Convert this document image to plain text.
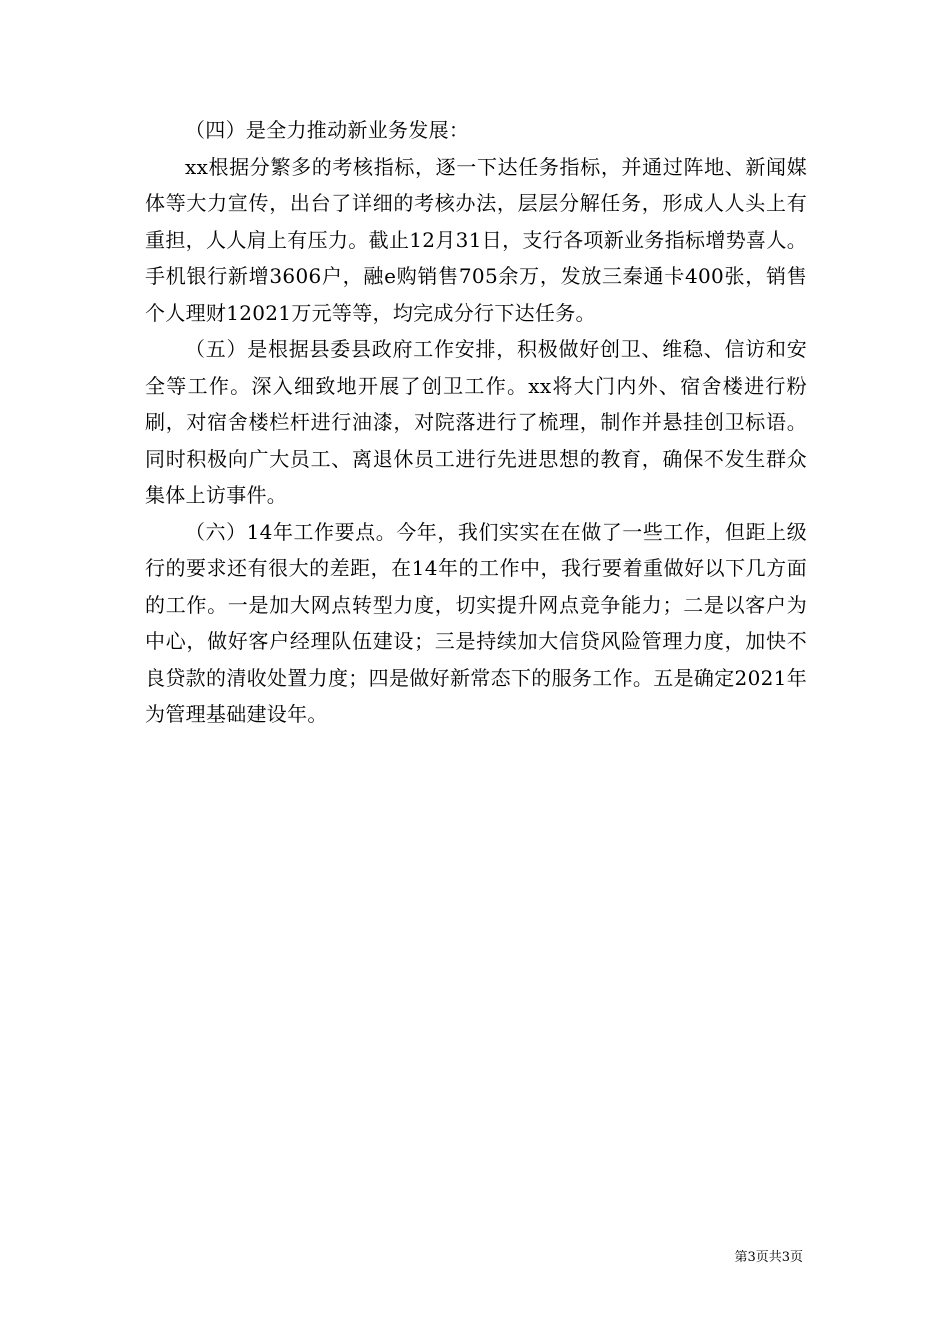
（四）是全力推动新业务发展：

xx根据分繁多的考核指标，逐一下达任务指标，并通过阵地、新闻媒体等大力宣传，出台了详细的考核办法，层层分解任务，形成人人头上有重担，人人肩上有压力。截止12月31日，支行各项新业务指标增势喜人。手机银行新增3606户，融e购销售705余万，发放三秦通卡400张，销售个人理财12021万元等等，均完成分行下达任务。

（五）是根据县委县政府工作安排，积极做好创卫、维稳、信访和安全等工作。深入细致地开展了创卫工作。xx将大门内外、宿舍楼进行粉刷，对宿舍楼栏杆进行油漆，对院落进行了梳理，制作并悬挂创卫标语。同时积极向广大员工、离退休员工进行先进思想的教育，确保不发生群众集体上访事件。

（六）14年工作要点。今年，我们实实在在做了一些工作，但距上级行的要求还有很大的差距，在14年的工作中，我行要着重做好以下几方面的工作。一是加大网点转型力度，切实提升网点竞争能力；二是以客户为中心，做好客户经理队伍建设；三是持续加大信贷风险管理力度，加快不良贷款的清收处置力度；四是做好新常态下的服务工作。五是确定2021年为管理基础建设年。

第3页共3页
